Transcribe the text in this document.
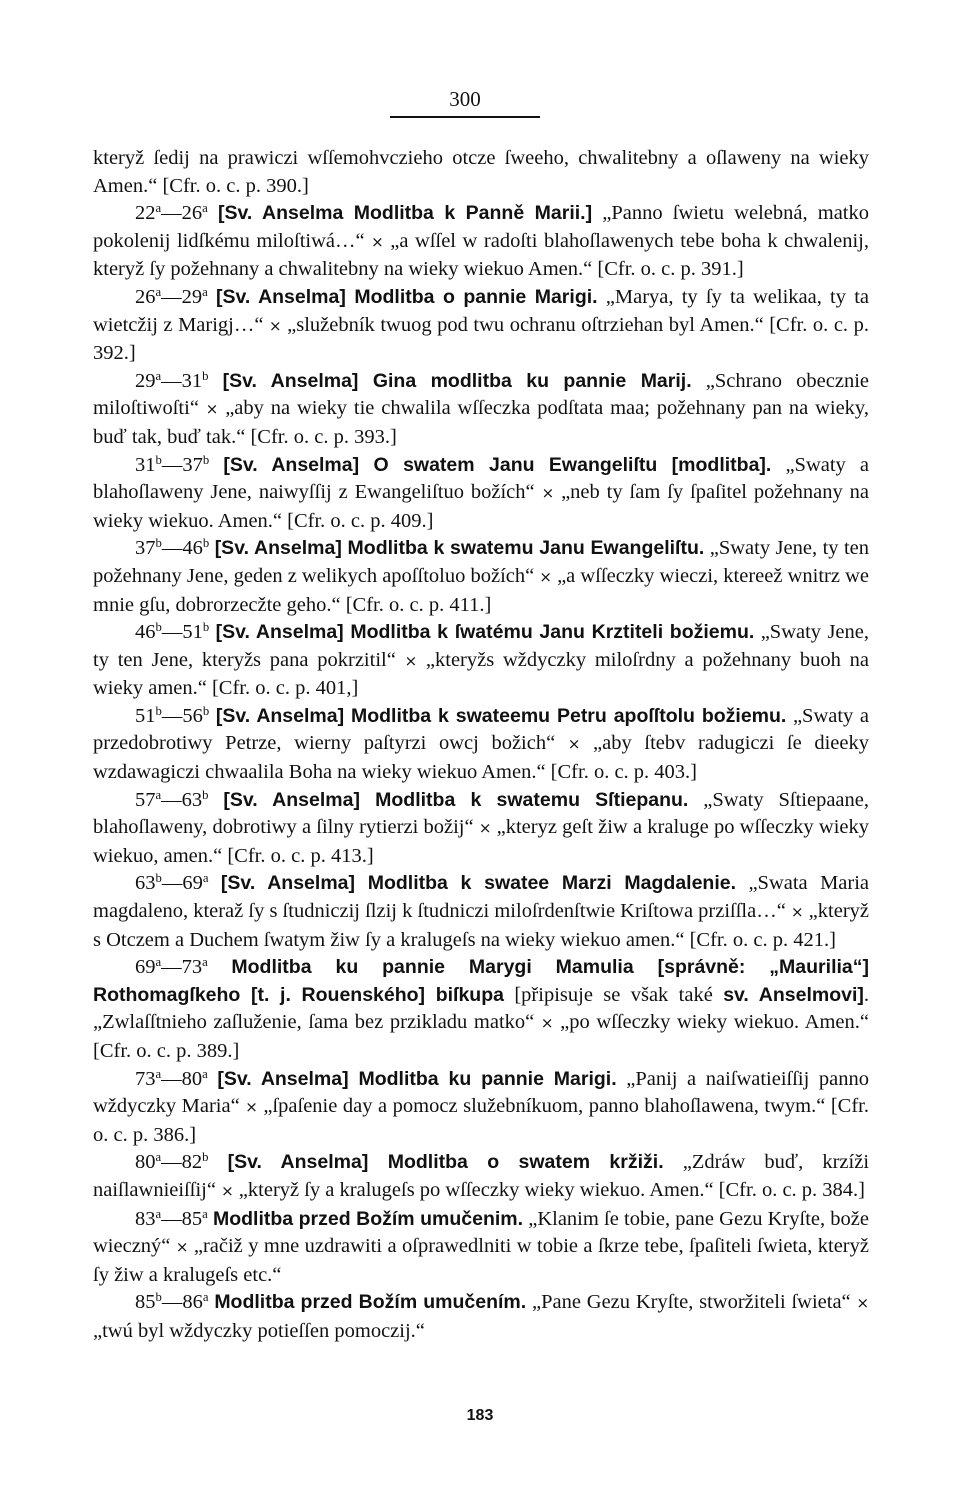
300

kteryž ſedij na prawiczi wſſemohvczieho otcze ſweeho, chwalitebny a oſlaweny na wieky Amen.“ [Cfr. o. c. p. 390.]

22$^a$—26$^a$ [Sv. Anselma Modlitba k Panně Marii.] „Panno ſwietu welebná, matko pokolenij lidſkému miloſtiwá…“ × „a wſſel w radoſti blahoſlawenych tebe boha k chwalenij, kteryž ſy požehnany a chwalitebny na wieky wiekuo Amen.“ [Cfr. o. c. p. 391.]

26$^a$—29$^a$ [Sv. Anselma] Modlitba o pannie Marigi. „Marya, ty ſy ta welikaa, ty ta wietcžij z Marigj…“ × „služebník twuog pod twu ochranu oſtrziehan byl Amen.“ [Cfr. o. c. p. 392.]

29$^a$—31$^b$ [Sv. Anselma] Gina modlitba ku pannie Marij. „Schrano obecznie miloſtiwoſti“ × „aby na wieky tie chwalila wſſeczka podſtata maa; požehnany pan na wieky, buď tak, buď tak.“ [Cfr. o. c. p. 393.]

31$^b$—37$^b$ [Sv. Anselma] O swatem Janu Ewangeliſtu [modlitba]. „Swaty a blahoſlaweny Jene, naiwyſſij z Ewangeliſtuo božích“ × „neb ty ſam ſy ſpaſitel požehnany na wieky wiekuo. Amen.“ [Cfr. o. c. p. 409.]

37$^b$—46$^b$ [Sv. Anselma] Modlitba k swatemu Janu Ewangeliſtu. „Swaty Jene, ty ten požehnany Jene, geden z welikych apoſſtoluo božích“ × „a wſſeczky wieczi, ktereež wnitrz we mnie gſu, dobrorzecžte geho.“ [Cfr. o. c. p. 411.]

46$^b$—51$^b$ [Sv. Anselma] Modlitba k ſwatému Janu Krztiteli božiemu. „Swaty Jene, ty ten Jene, kteryžs pana pokrzitil“ × „kteryžs wždyczky miloſrdny a požehnany buoh na wieky amen.“ [Cfr. o. c. p. 401,]

51$^b$—56$^b$ [Sv. Anselma] Modlitba k swateemu Petru apoſſtolu božiemu. „Swaty a przedobrotiwy Petrze, wierny paſtyrzi owcj božich“ × „aby ſtebv radugiczi ſe dieeky wzdawagiczi chwaalila Boha na wieky wiekuo Amen.“ [Cfr. o. c. p. 403.]

57$^a$—63$^b$ [Sv. Anselma] Modlitba k swatemu Sſtiepanu. „Swaty Sſtiepaane, blahoſlaweny, dobrotiwy a ſilny rytierzi božij“ × „kteryz geſt žiw a kraluge po wſſeczky wieky wiekuo, amen.“ [Cfr. o. c. p. 413.]

63$^b$—69$^a$ [Sv. Anselma] Modlitba k swatee Marzi Magdalenie. „Swata Maria magdaleno, kteraž ſy s ſtudniczij ſlzij k ſtudniczi miloſrdenſtwie Kriſtowa prziſſla…“ × „kteryž s Otczem a Duchem ſwatym žiw ſy a kralugeſs na wieky wiekuo amen.“ [Cfr. o. c. p. 421.]

69$^a$—73$^a$ Modlitba ku pannie Marygi Mamulia [správně: „Maurilia“] Rothomagſkeho [t. j. Rouenského] biſkupa [připisuje se však také sv. Anselmovi]. „Zwlaſſtnieho zaſluženie, ſama bez przikladu matko“ × „po wſſeczky wieky wiekuo. Amen.“ [Cfr. o. c. p. 389.]

73$^a$—80$^a$ [Sv. Anselma] Modlitba ku pannie Marigi. „Panij a naiſwatieiſſij panno wždyczky Maria“ × „ſpaſenie day a pomocz služebníkuom, panno blahoſlawena, twym.“ [Cfr. o. c. p. 386.]

80$^a$—82$^b$ [Sv. Anselma] Modlitba o swatem kržiži. „Zdráw buď, krzíži naiſlawnieiſſij“ × „kteryž ſy a kralugeſs po wſſeczky wieky wiekuo. Amen.“ [Cfr. o. c. p. 384.]

83$^a$—85$^a$ Modlitba przed Božím umučenim. „Klanim ſe tobie, pane Gezu Kryſte, bože wieczný“ × „račiž y mne uzdrawiti a oſprawedlniti w tobie a ſkrze tebe, ſpaſiteli ſwieta, kteryž ſy žiw a kralugeſs etc.“

85$^b$—86$^a$ Modlitba przed Božím umučením. „Pane Gezu Kryſte, stworžiteli ſwieta“ × „twú byl wždyczky potieſſen pomoczij.“

183
